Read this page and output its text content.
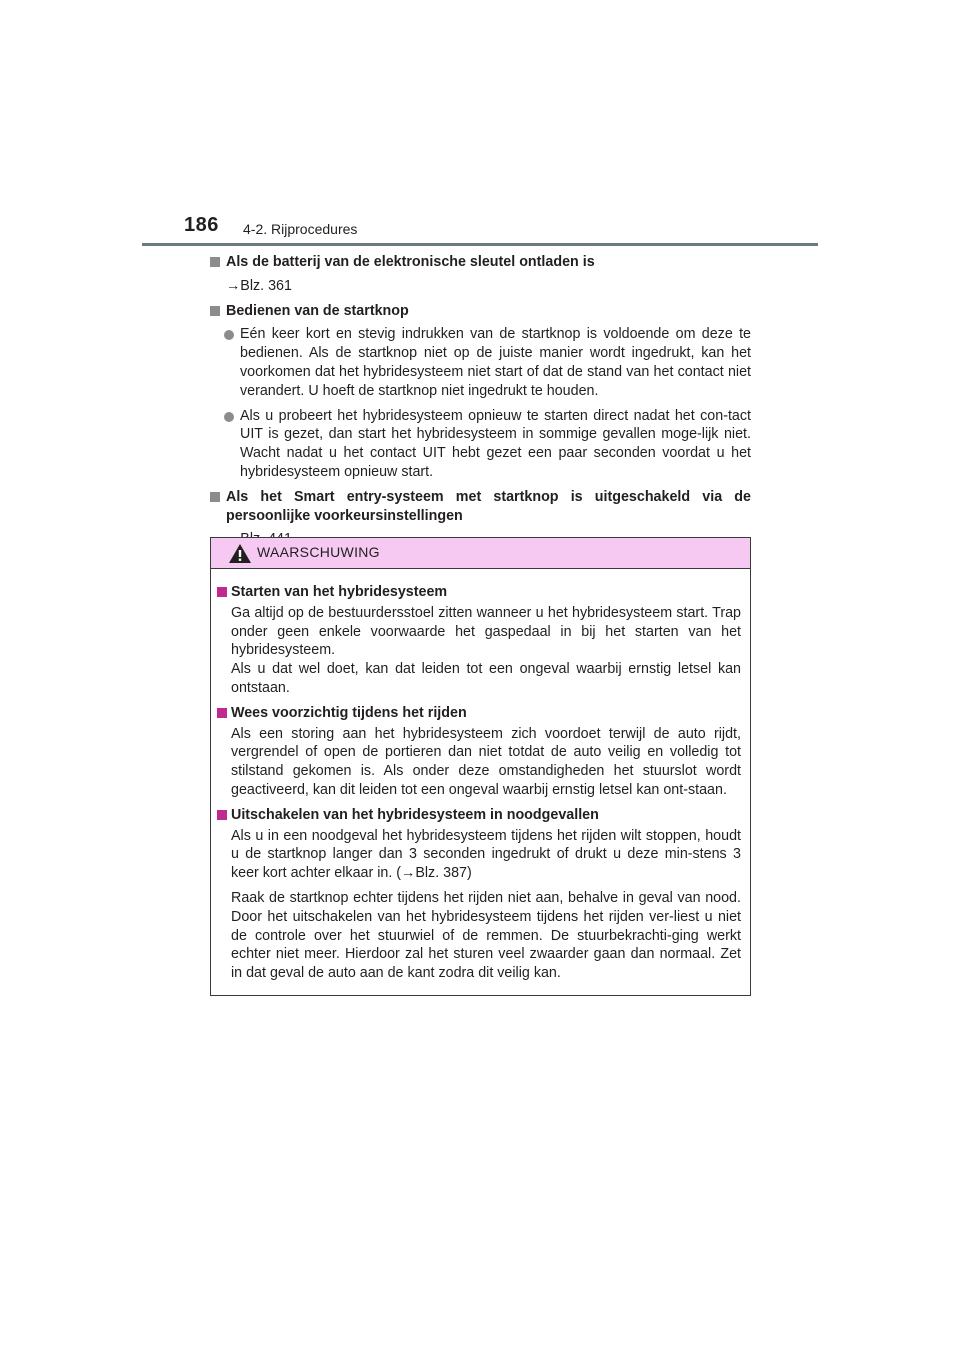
186 4-2. Rijprocedures
Als de batterij van de elektronische sleutel ontladen is
→Blz. 361
Bedienen van de startknop
Eén keer kort en stevig indrukken van de startknop is voldoende om deze te bedienen. Als de startknop niet op de juiste manier wordt ingedrukt, kan het voorkomen dat het hybridesysteem niet start of dat de stand van het contact niet verandert. U hoeft de startknop niet ingedrukt te houden.
Als u probeert het hybridesysteem opnieuw te starten direct nadat het con-tact UIT is gezet, dan start het hybridesysteem in sommige gevallen moge-lijk niet. Wacht nadat u het contact UIT hebt gezet een paar seconden voordat u het hybridesysteem opnieuw start.
Als het Smart entry-systeem met startknop is uitgeschakeld via de persoonlijke voorkeursinstellingen
WAARSCHUWING
Starten van het hybridesysteem
Ga altijd op de bestuurdersstoel zitten wanneer u het hybridesysteem start. Trap onder geen enkele voorwaarde het gaspedaal in bij het starten van het hybridesysteem.
Als u dat wel doet, kan dat leiden tot een ongeval waarbij ernstig letsel kan ontstaan.
Wees voorzichtig tijdens het rijden
Als een storing aan het hybridesysteem zich voordoet terwijl de auto rijdt, vergrendel of open de portieren dan niet totdat de auto veilig en volledig tot stilstand gekomen is. Als onder deze omstandigheden het stuurslot wordt geactiveerd, kan dit leiden tot een ongeval waarbij ernstig letsel kan ont-staan.
Uitschakelen van het hybridesysteem in noodgevallen
Als u in een noodgeval het hybridesysteem tijdens het rijden wilt stoppen, houdt u de startknop langer dan 3 seconden ingedrukt of drukt u deze min-stens 3 keer kort achter elkaar in. (→Blz. 387)
Raak de startknop echter tijdens het rijden niet aan, behalve in geval van nood. Door het uitschakelen van het hybridesysteem tijdens het rijden ver-liest u niet de controle over het stuurwiel of de remmen. De stuurbekrachti-ging werkt echter niet meer. Hierdoor zal het sturen veel zwaarder gaan dan normaal. Zet in dat geval de auto aan de kant zodra dit veilig kan.
